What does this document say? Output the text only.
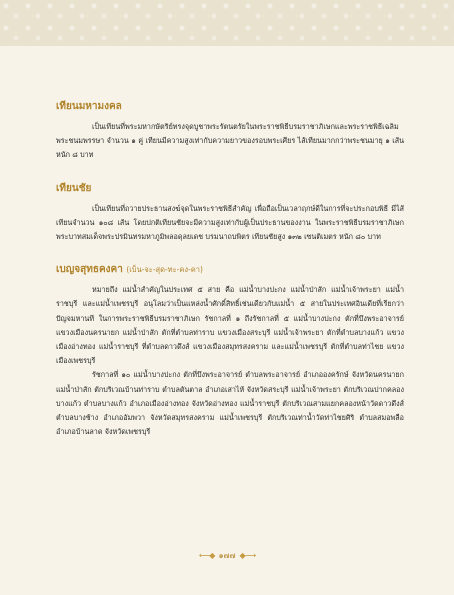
เทียนมหามงคล

เป็นเทียนที่พระมหากษัตริย์ทรงจุดบูชาพระรัตนตรัยในพระราชพิธีบรมราชาภิเษกและพระราชพิธีเฉลิมพระชนมพรรษา จำนวน ๑ คู่ เทียนมีความสูงเท่ากับความยาวของรอบพระเศียร ไส้เทียนมากกว่าพระชนมายุ ๑ เส้น หนัก ๘ บาท

เทียนชัย

เป็นเทียนที่ถวายประธานสงฆ์จุดในพระราชพิธีสำคัญ เพื่อถือเป็นเวลาฤกษ์ดีในการที่จะประกอบพิธี มีไส้เทียนจำนวน ๑๐๘ เส้น โดยปกติเทียนชัยจะมีความสูงเท่ากับผู้เป็นประธานของงาน ในพระราชพิธีบรมราชาภิเษกพระบาทสมเด็จพระปรมินทรมหาภูมิพลอดุลยเดช บรมนาถบพิตร เทียนชัยสูง ๑๓๒ เซนติเมตร หนัก ๘๐ บาท

เบญจสุทธคงคา (เบ็น-จะ-สุด-ทะ-คง-คา)

หมายถึง แม่น้ำสำคัญในประเทศ ๕ สาย คือ แม่น้ำบางปะกง แม่น้ำป่าสัก แม่น้ำเจ้าพระยา แม่น้ำราชบุรี และแม่น้ำเพชรบุรี อนุโลมว่าเป็นแหล่งน้ำศักดิ์สิทธิ์เช่นเดียวกับแม่น้ำ ๕ สายในประเทศอินเดียที่เรียกว่า ปัญจมหานที ในการพระราชพิธีบรมราชาภิเษก รัชกาลที่ ๑ ถึงรัชกาลที่ ๕ แม่น้ำบางปะกง ตักที่บึงพระอาจารย์ แขวงเมืองนครนายก แม่น้ำป่าสัก ตักที่ตำบลท่าราบ แขวงเมืองสระบุรี แม่น้ำเจ้าพระยา ตักที่ตำบลบางแก้ว แขวงเมืองอ่างทอง แม่น้ำราชบุรี ที่ตำบลดาวดึงส์ แขวงเมืองสมุทรสงคราม และแม่น้ำเพชรบุรี ตักที่ตำบลท่าไชย แขวงเมืองเพชรบุรี

รัชกาลที่ ๑๐ แม่น้ำบางปะกง ตักที่บึงพระอาจารย์ ตำบลพระอาจารย์ อำเภอองครักษ์ จังหวัดนครนายก แม่น้ำป่าสัก ตักบริเวณบ้านท่าราบ ตำบลตันตาล อำเภอเสาไห้ จังหวัดสระบุรี แม่น้ำเจ้าพระยา ตักบริเวณปากคลองบางแก้ว ตำบลบางแก้ว อำเภอเมืองอ่างทอง จังหวัดอ่างทอง แม่น้ำราชบุรี ตักบริเวณสามแยกคลองหน้าวัดดาวดึงส์ ตำบลบางช้าง อำเภออัมพวา จังหวัดสมุทรสงคราม แม่น้ำเพชรบุรี ตักบริเวณท่าน้ำวัดท่าไชยศิริ ตำบลสมอพลือ อำเภอบ้านลาด จังหวัดเพชรบุรี

⟵◆ ๑๗๗ ◆⟶
